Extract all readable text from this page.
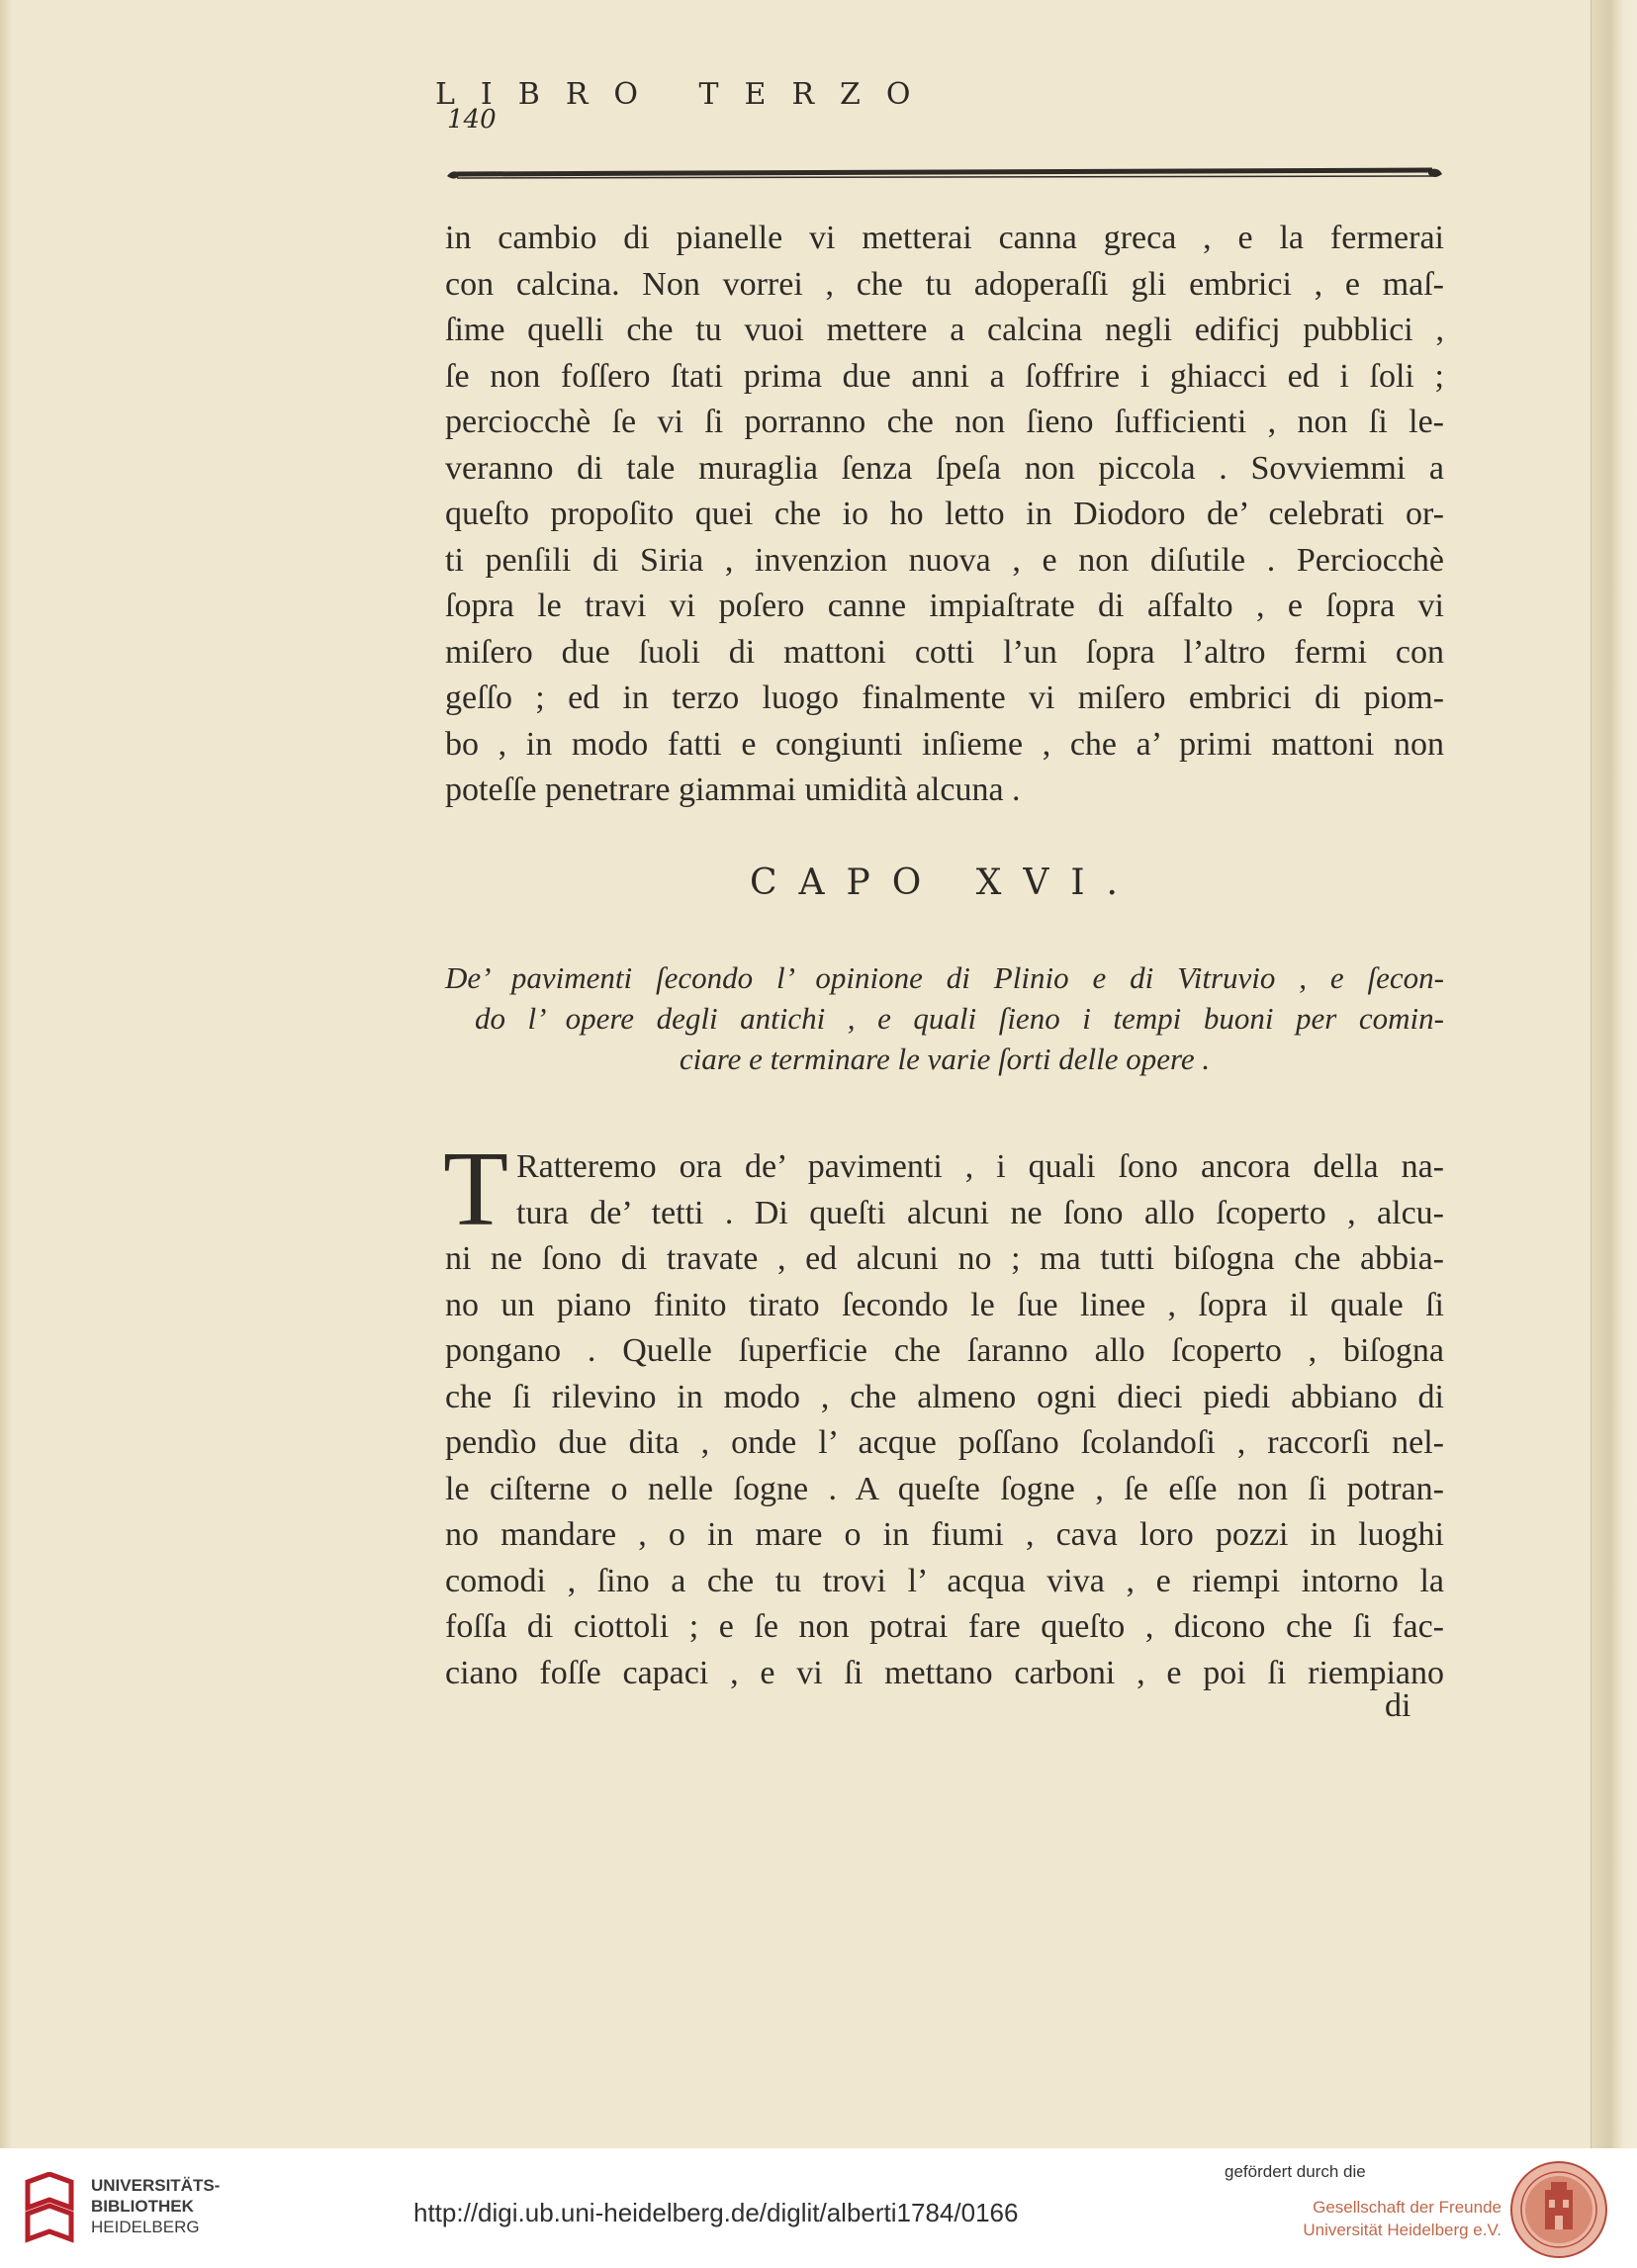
140
LIBRO TERZO
in cambio di pianelle vi metterai canna greca , e la fermerai
con calcina. Non vorrei , che tu adoperaſſi gli embrici , e maſ-
ſime quelli che tu vuoi mettere a calcina negli edificj pubblici ,
ſe non foſſero ſtati prima due anni a ſoffrire i ghiacci ed i ſoli ;
perciocchè ſe vi ſi porranno che non ſieno ſufficienti , non ſi le-
veranno di tale muraglia ſenza ſpeſa non piccola . Sovviemmi a
queſto propoſito quei che io ho letto in Diodoro de’ celebrati or-
ti penſili di Siria , invenzion nuova , e non diſutile . Perciocchè
ſopra le travi vi poſero canne impiaſtrate di aſfalto , e ſopra vi
miſero due ſuoli di mattoni cotti l’un ſopra l’altro fermi con
geſſo ; ed in terzo luogo finalmente vi miſero embrici di piom-
bo , in modo fatti e congiunti inſieme , che a’ primi mattoni non
poteſſe penetrare giammai umidità alcuna .
CAPO XVI.
De’ pavimenti ſecondo l’ opinione di Plinio e di Vitruvio , e ſecon-
do l’ opere degli antichi , e quali ſieno i tempi buoni per comin-
ciare e terminare le varie ſorti delle opere .
T Ratteremo ora de’ pavimenti , i quali ſono ancora della na-
tura de’ tetti . Di queſti alcuni ne ſono allo ſcoperto , alcu-
ni ne ſono di travate , ed alcuni no ; ma tutti biſogna che abbia-
no un piano finito tirato ſecondo le ſue linee , ſopra il quale ſi
pongano . Quelle ſuperficie che ſaranno allo ſcoperto , biſogna
che ſi rilevino in modo , che almeno ogni dieci piedi abbiano di
pendìo due dita , onde l’ acque poſſano ſcolandoſi , raccorſi nel-
le ciſterne o nelle ſogne . A queſte ſogne , ſe eſſe non ſi potran-
no mandare , o in mare o in fiumi , cava loro pozzi in luoghi
comodi , ſino a che tu trovi l’ acqua viva , e riempi intorno la
foſſa di ciottoli ; e ſe non potrai fare queſto , dicono che ſi fac-
ciano foſſe capaci , e vi ſi mettano carboni , e poi ſi riempiano
di
UNIVERSITÄTS-
BIBLIOTHEK
HEIDELBERG	http://digi.ub.uni-heidelberg.de/diglit/alberti1784/0166
gefördert durch die
Gesellschaft der Freunde
Universität Heidelberg e.V.
